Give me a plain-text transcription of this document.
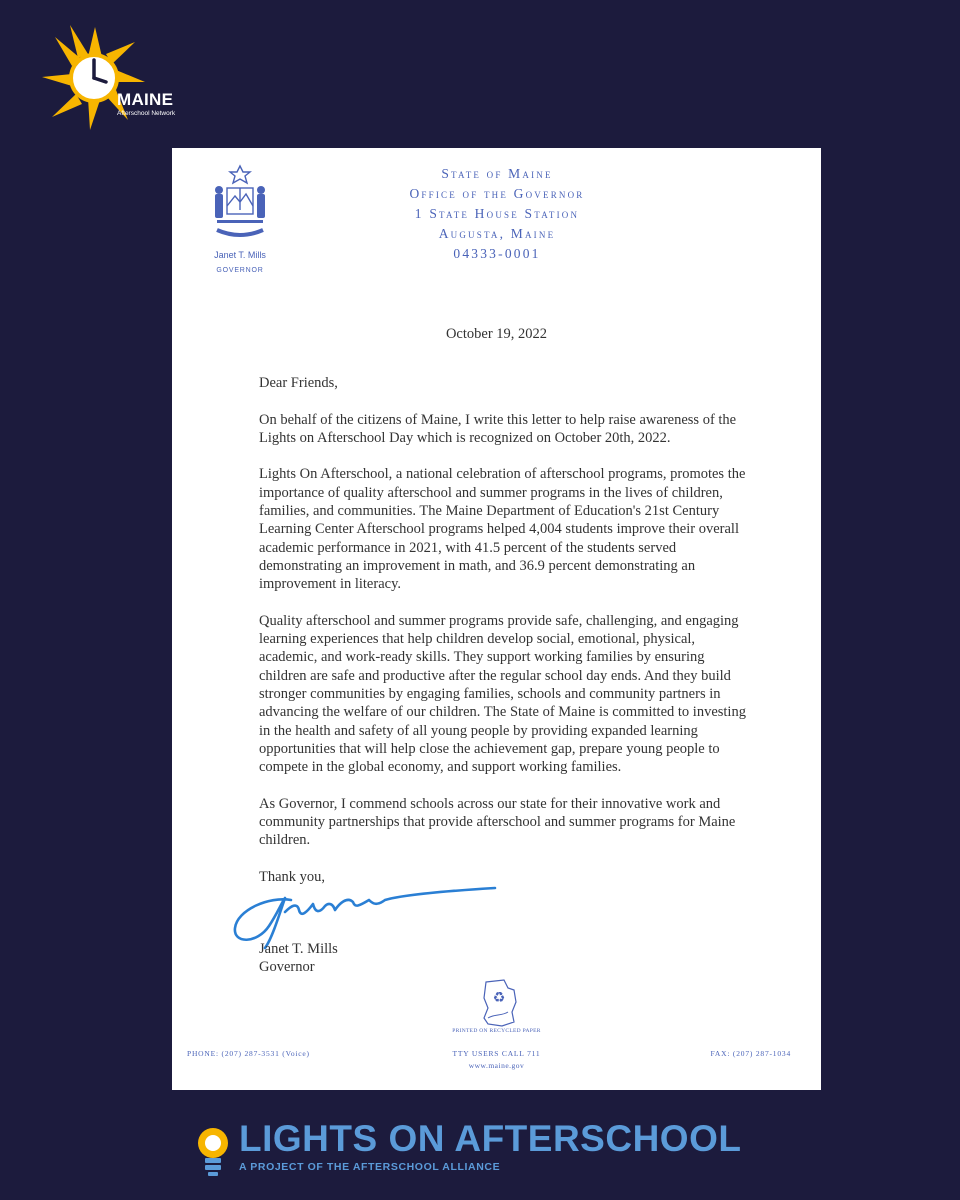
MAINE
Afterschool Network
Janet T. Mills
GOVERNOR
State of Maine
Office of the Governor
1 State House Station
Augusta, Maine
04333-0001
October 19, 2022

Dear Friends,

On behalf of the citizens of Maine, I write this letter to help raise awareness of the Lights on Afterschool Day which is recognized on October 20th, 2022.

Lights On Afterschool, a national celebration of afterschool programs, promotes the importance of quality afterschool and summer programs in the lives of children, families, and communities. The Maine Department of Education's 21st Century Learning Center Afterschool programs helped 4,004 students improve their overall academic performance in 2021, with 41.5 percent of the students served demonstrating an improvement in math, and 36.9 percent demonstrating an improvement in literacy.

Quality afterschool and summer programs provide safe, challenging, and engaging learning experiences that help children develop social, emotional, physical, academic, and work-ready skills. They support working families by ensuring children are safe and productive after the regular school day ends. And they build stronger communities by engaging families, schools and community partners in advancing the welfare of our children. The State of Maine is committed to investing in the health and safety of all young people by providing expanded learning opportunities that will help close the achievement gap, prepare young people to compete in the global economy, and support working families.

As Governor, I commend schools across our state for their innovative work and community partnerships that provide afterschool and summer programs for Maine children.

Thank you,

Janet T. Mills
Governor
♻
PRINTED ON RECYCLED PAPER
PHONE: (207) 287-3531 (Voice)	TTY USERS CALL 711	FAX: (207) 287-1034
www.maine.gov
LIGHTS ON AFTERSCHOOL
A PROJECT OF THE AFTERSCHOOL ALLIANCE
